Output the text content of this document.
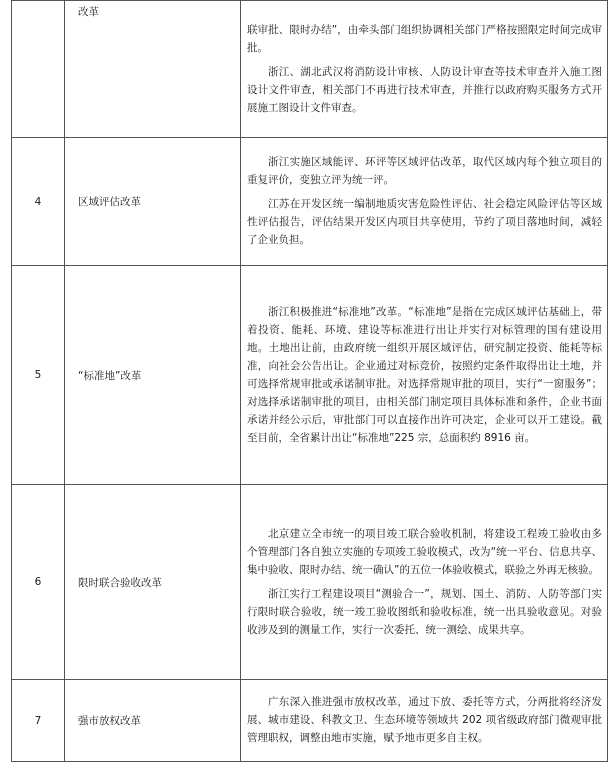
	改革	联审批、限时办结”，由牵头部门组织协调相关部门严格按照限定时间完成审批。

浙江、湖北武汉将消防设计审核、人防设计审查等技术审查并入施工图设计文件审查，相关部门不再进行技术审查，并推行以政府购买服务方式开展施工图设计文件审查。

4	区域评估改革	浙江实施区域能评、环评等区域评估改革，取代区域内每个独立项目的重复评价，变独立评为统一评。

江苏在开发区统一编制地质灾害危险性评估、社会稳定风险评估等区域性评估报告，评估结果开发区内项目共享使用，节约了项目落地时间，减轻了企业负担。

5	“标准地”改革	浙江积极推进“标准地”改革。“标准地”是指在完成区域评估基础上，带着投资、能耗、环境、建设等标准进行出让并实行对标管理的国有建设用地。土地出让前，由政府统一组织开展区域评估，研究制定投资、能耗等标准，向社会公告出让。企业通过对标竞价，按照约定条件取得出让土地，并可选择常规审批或承诺制审批。对选择常规审批的项目，实行“一窗服务”；对选择承诺制审批的项目，由相关部门制定项目具体标准和条件，企业书面承诺并经公示后，审批部门可以直接作出许可决定，企业可以开工建设。截至目前，全省累计出让“标准地”225 宗，总面积约 8916 亩。

6	限时联合验收改革	北京建立全市统一的项目竣工联合验收机制，将建设工程竣工验收由多个管理部门各自独立实施的专项竣工验收模式，改为“统一平台、信息共享、集中验收、限时办结、统一确认”的五位一体验收模式，联验之外再无核验。

浙江实行工程建设项目“测验合一”，规划、国土、消防、人防等部门实行限时联合验收，统一竣工验收图纸和验收标准，统一出具验收意见。对验收涉及到的测量工作，实行一次委托、统一测绘、成果共享。

7	强市放权改革	广东深入推进强市放权改革，通过下放、委托等方式，分两批将经济发展、城市建设、科教文卫、生态环境等领域共 202 项省级政府部门微观审批管理职权，调整由地市实施，赋予地市更多自主权。
